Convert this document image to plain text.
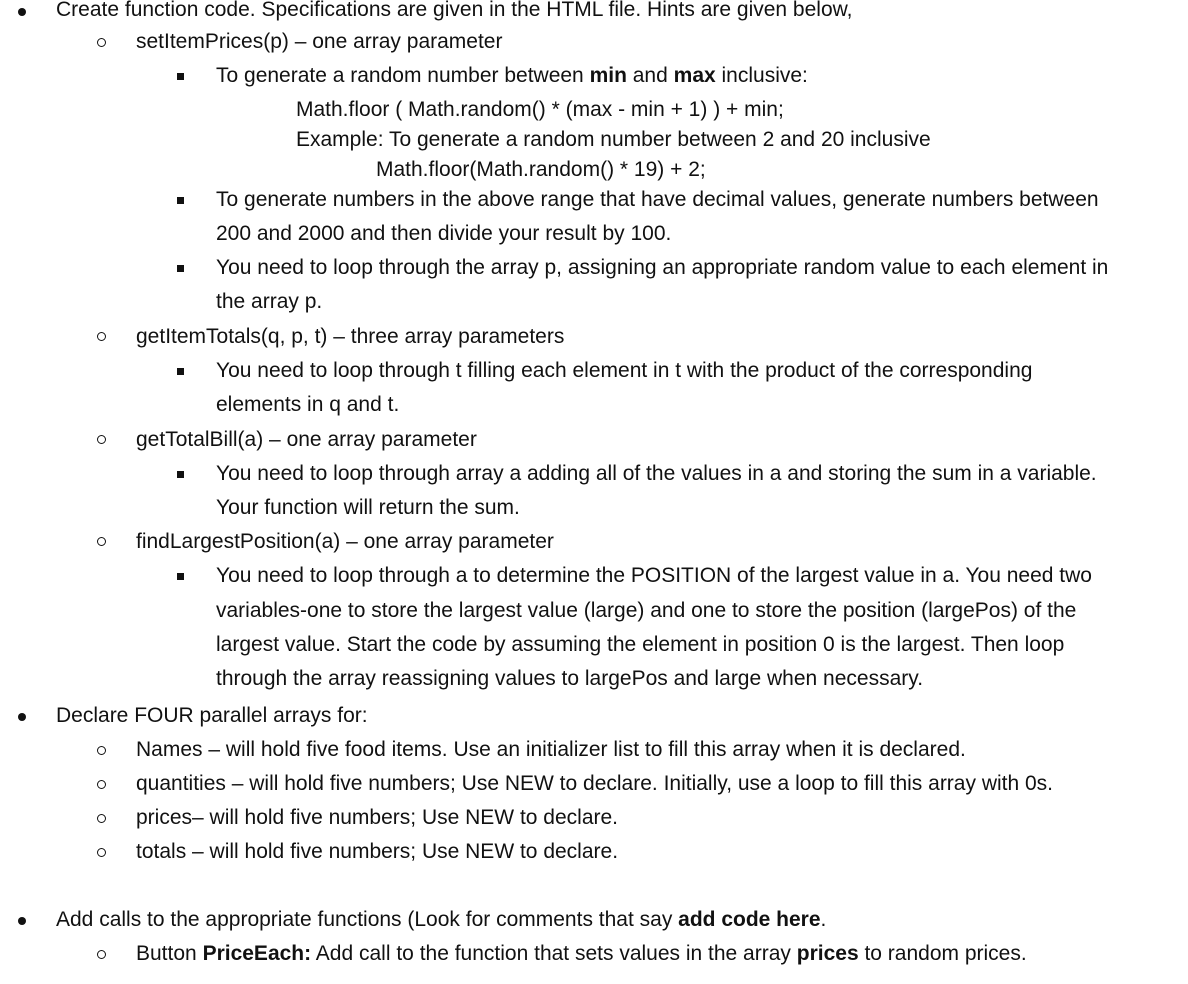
Create function code. Specifications are given in the HTML file. Hints are given below,
setItemPrices(p) – one array parameter
To generate a random number between min and max inclusive:
Math.floor ( Math.random() * (max - min + 1) ) + min;
Example: To generate a random number between 2 and 20 inclusive
Math.floor(Math.random() * 19) + 2;
To generate numbers in the above range that have decimal values, generate numbers between
200 and 2000 and then divide your result by 100.
You need to loop through the array p, assigning an appropriate random value to each element in
the array p.
getItemTotals(q, p, t) – three array parameters
You need to loop through t filling each element in t with the product of the corresponding
elements in q and t.
getTotalBill(a) – one array parameter
You need to loop through array a adding all of the values in a and storing the sum in a variable.
Your function will return the sum.
findLargestPosition(a) – one array parameter
You need to loop through a to determine the POSITION of the largest value in a. You need two
variables-one to store the largest value (large) and one to store the position (largePos) of the
largest value. Start the code by assuming the element in position 0 is the largest. Then loop
through the array reassigning values to largePos and large when necessary.
Declare FOUR parallel arrays for:
Names – will hold five food items. Use an initializer list to fill this array when it is declared.
quantities – will hold five numbers; Use NEW to declare. Initially, use a loop to fill this array with 0s.
prices– will hold five numbers; Use NEW to declare.
totals – will hold five numbers; Use NEW to declare.
Add calls to the appropriate functions (Look for comments that say add code here.
Button PriceEach: Add call to the function that sets values in the array prices to random prices.
